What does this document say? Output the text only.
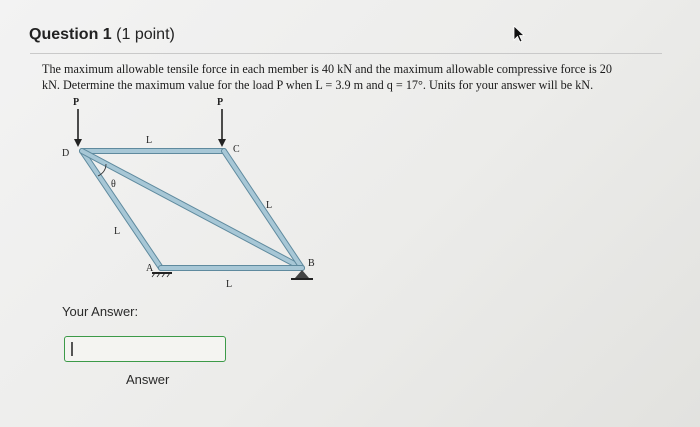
Question 1 (1 point)
The maximum allowable tensile force in each member is 40 kN and the maximum allowable compressive force is 20
kN. Determine the maximum value for the load P when L = 3.9 m and q = 17°. Units for your answer will be kN.
P	P
L
D	C
θ
L
L
A	B
L
Your Answer:
Answer
